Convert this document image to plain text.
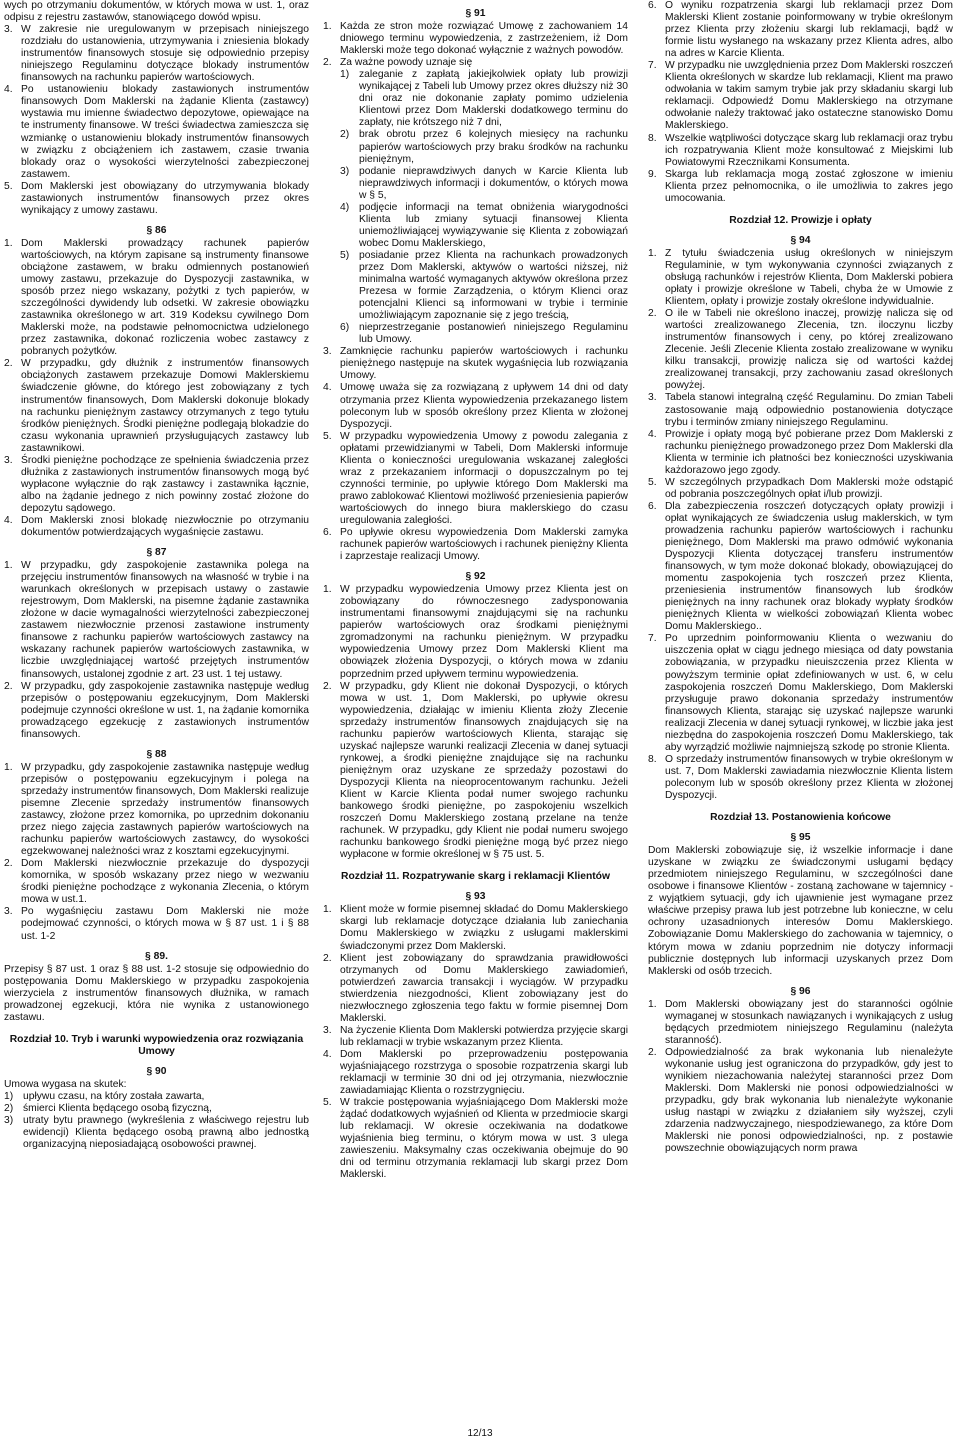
wych po otrzymaniu dokumentów, w których mowa w ust. 1, oraz odpisu z rejestru zastawów, stanowiącego dowód wpisu.
3. W zakresie nie uregulowanym w przepisach niniejszego rozdziału do ustanowienia, utrzymywania i zniesienia blokady instrumentów finansowych stosuje się odpowiednio przepisy niniejszego Regulaminu dotyczące blokady instrumentów finansowych na rachunku papierów wartościowych.
4. Po ustanowieniu blokady zastawionych instrumentów finansowych Dom Maklerski na żądanie Klienta (zastawcy) wystawia mu imienne świadectwo depozytowe, opiewające na te instrumenty finansowe. W treści świadectwa zamieszcza się wzmiankę o ustanowieniu blokady instrumentów finansowych w związku z obciążeniem ich zastawem, czasie trwania blokady oraz o wysokości wierzytelności zabezpieczonej zastawem.
5. Dom Maklerski jest obowiązany do utrzymywania blokady zastawionych instrumentów finansowych przez okres wynikający z umowy zastawu.
§ 86
1. Dom Maklerski prowadzący rachunek papierów wartościowych, na którym zapisane są instrumenty finansowe obciążone zastawem, w braku odmiennych postanowień umowy zastawu, przekazuje do Dyspozycji zastawnika, w sposób przez niego wskazany, pożytki z tych papierów, w szczególności dywidendy lub odsetki. W zakresie obowiązku zastawnika określonego w art. 319 Kodeksu cywilnego Dom Maklerski może, na podstawie pełnomocnictwa udzielonego przez zastawnika, dokonać rozliczenia wobec zastawcy z pobranych pożytków.
2. W przypadku, gdy dłużnik z instrumentów finansowych obciążonych zastawem przekazuje Domowi Maklerskiemu świadczenie główne, do którego jest zobowiązany z tych instrumentów finansowych, Dom Maklerski dokonuje blokady na rachunku pieniężnym zastawcy otrzymanych z tego tytułu środków pieniężnych. Środki pieniężne podlegają blokadzie do czasu wykonania uprawnień przysługujących zastawcy lub zastawnikowi.
3. Środki pieniężne pochodzące ze spełnienia świadczenia przez dłużnika z zastawionych instrumentów finansowych mogą być wypłacone wyłącznie do rąk zastawcy i zastawnika łącznie, albo na żądanie jednego z nich powinny zostać złożone do depozytu sądowego.
4. Dom Maklerski znosi blokadę niezwłocznie po otrzymaniu dokumentów potwierdzających wygaśnięcie zastawu.
§ 87
1. W przypadku, gdy zaspokojenie zastawnika polega na przejęciu instrumentów finansowych na własność w trybie i na warunkach określonych w przepisach ustawy o zastawie rejestrowym, Dom Maklerski, na pisemne żądanie zastawnika złożone w dacie wymagalności wierzytelności zabezpieczonej zastawem niezwłocznie przenosi zastawione instrumenty finansowe z rachunku papierów wartościowych zastawcy na wskazany rachunek papierów wartościowych zastawnika, w liczbie uwzględniającej wartość przejętych instrumentów finansowych, ustalonej zgodnie z art. 23 ust. 1 tej ustawy.
2. W przypadku, gdy zaspokojenie zastawnika następuje według przepisów o postępowaniu egzekucyjnym, Dom Maklerski podejmuje czynności określone w ust. 1, na żądanie komornika prowadzącego egzekucję z zastawionych instrumentów finansowych.
§ 88
1. W przypadku, gdy zaspokojenie zastawnika następuje według przepisów o postępowaniu egzekucyjnym i polega na sprzedaży instrumentów finansowych, Dom Maklerski realizuje pisemne Zlecenie sprzedaży instrumentów finansowych zastawcy, złożone przez komornika, po uprzednim dokonaniu przez niego zajęcia zastawnych papierów wartościowych na rachunku papierów wartościowych zastawcy, do wysokości egzekwowanej należności wraz z kosztami egzekucyjnymi.
2. Dom Maklerski niezwłocznie przekazuje do dyspozycji komornika, w sposób wskazany przez niego w wezwaniu środki pieniężne pochodzące z wykonania Zlecenia, o którym mowa w ust.1.
3. Po wygaśnięciu zastawu Dom Maklerski nie może podejmować czynności, o których mowa w § 87 ust. 1 i § 88 ust. 1-2
§ 89.
Przepisy § 87 ust. 1 oraz § 88 ust. 1-2 stosuje się odpowiednio do postępowania Domu Maklerskiego w przypadku zaspokojenia wierzyciela z instrumentów finansowych dłużnika, w ramach prowadzonej egzekucji, która nie wynika z ustanowionego zastawu.
Rozdział 10. Tryb i warunki wypowiedzenia oraz rozwiązania Umowy
§ 90
Umowa wygasa na skutek:
1) upływu czasu, na który została zawarta,
2) śmierci Klienta będącego osobą fizyczną,
3) utraty bytu prawnego (wykreślenia z właściwego rejestru lub ewidencji) Klienta będącego osobą prawną albo jednostką organizacyjną nieposiadającą osobowości prawnej.
§ 91
1. Każda ze stron może rozwiązać Umowę z zachowaniem 14 dniowego terminu wypowiedzenia, z zastrzeżeniem, iż Dom Maklerski może tego dokonać wyłącznie z ważnych powodów.
2. Za ważne powody uznaje się
1) zaleganie z zapłatą jakiejkolwiek opłaty lub prowizji wynikającej z Tabeli lub Umowy przez okres dłuższy niż 30 dni oraz nie dokonanie zapłaty pomimo udzielenia Klientowi przez Dom Maklerski dodatkowego terminu do zapłaty, nie krótszego niż 7 dni,
2) brak obrotu przez 6 kolejnych miesięcy na rachunku papierów wartościowych przy braku środków na rachunku pieniężnym,
3) podanie nieprawdziwych danych w Karcie Klienta lub nieprawdziwych informacji i dokumentów, o których mowa w § 5,
4) podjęcie informacji na temat obniżenia wiarygodności Klienta lub zmiany sytuacji finansowej Klienta uniemożliwiającej wywiązywanie się Klienta z zobowiązań wobec Domu Maklerskiego,
5) posiadanie przez Klienta na rachunkach prowadzonych przez Dom Maklerski, aktywów o wartości niższej, niż minimalna wartość wymaganych aktywów określona przez Prezesa w formie Zarządzenia, o którym Klienci oraz potencjalni Klienci są informowani w trybie i terminie umożliwiającym zapoznanie się z jego treścią,
6) nieprzestrzeganie postanowień niniejszego Regulaminu lub Umowy.
3. Zamknięcie rachunku papierów wartościowych i rachunku pieniężnego następuje na skutek wygaśnięcia lub rozwiązania Umowy.
4. Umowę uważa się za rozwiązaną z upływem 14 dni od daty otrzymania przez Klienta wypowiedzenia przekazanego listem poleconym lub w sposób określony przez Klienta w złożonej Dyspozycji.
5. W przypadku wypowiedzenia Umowy z powodu zalegania z opłatami przewidzianymi w Tabeli, Dom Maklerski informuje Klienta o konieczności uregulowania wskazanej zaległości wraz z przekazaniem informacji o dopuszczalnym po tej czynności terminie, po upływie którego Dom Maklerski ma prawo zablokować Klientowi możliwość przeniesienia papierów wartościowych do innego biura maklerskiego do czasu uregulowania zaległości.
6. Po upływie okresu wypowiedzenia Dom Maklerski zamyka rachunek papierów wartościowych i rachunek pieniężny Klienta i zaprzestaje realizacji Umowy.
§ 92
1. W przypadku wypowiedzenia Umowy przez Klienta jest on zobowiązany do równoczesnego zadysponowania instrumentami finansowymi znajdującymi się na rachunku papierów wartościowych oraz środkami pieniężnymi zgromadzonymi na rachunku pieniężnym. W przypadku wypowiedzenia Umowy przez Dom Maklerski Klient ma obowiązek złożenia Dyspozycji, o których mowa w zdaniu poprzednim przed upływem terminu wypowiedzenia.
2. W przypadku, gdy Klient nie dokonał Dyspozycji, o których mowa w ust. 1, Dom Maklerski, po upływie okresu wypowiedzenia, działając w imieniu Klienta złoży Zlecenie sprzedaży instrumentów finansowych znajdujących się na rachunku papierów wartościowych Klienta, starając się uzyskać najlepsze warunki realizacji Zlecenia w danej sytuacji rynkowej, a środki pieniężne znajdujące się na rachunku pieniężnym oraz uzyskane ze sprzedaży pozostawi do Dyspozycji Klienta na nieoprocentowanym rachunku. Jeżeli Klient w Karcie Klienta podał numer swojego rachunku bankowego środki pieniężne, po zaspokojeniu wszelkich roszczeń Domu Maklerskiego zostaną przelane na tenże rachunek. W przypadku, gdy Klient nie podał numeru swojego rachunku bankowego środki pieniężne mogą być przez niego wypłacone w formie określonej w § 75 ust. 5.
Rozdział 11. Rozpatrywanie skarg i reklamacji Klientów
§ 93
1. Klient może w formie pisemnej składać do Domu Maklerskiego skargi lub reklamacje dotyczące działania lub zaniechania Domu Maklerskiego w związku z usługami maklerskimi świadczonymi przez Dom Maklerski.
2. Klient jest zobowiązany do sprawdzania prawidłowości otrzymanych od Domu Maklerskiego zawiadomień, potwierdzeń zawarcia transakcji i wyciągów. W przypadku stwierdzenia niezgodności, Klient zobowiązany jest do niezwłocznego zgłoszenia tego faktu w formie pisemnej Dom Maklerski.
3. Na życzenie Klienta Dom Maklerski potwierdza przyjęcie skargi lub reklamacji w trybie wskazanym przez Klienta.
4. Dom Maklerski po przeprowadzeniu postępowania wyjaśniającego rozstrzyga o sposobie rozpatrzenia skargi lub reklamacji w terminie 30 dni od jej otrzymania, niezwłocznie zawiadamiając Klienta o rozstrzygnięciu.
5. W trakcie postępowania wyjaśniającego Dom Maklerski może żądać dodatkowych wyjaśnień od Klienta w przedmiocie skargi lub reklamacji. W okresie oczekiwania na dodatkowe wyjaśnienia bieg terminu, o którym mowa w ust. 3 ulega zawieszeniu. Maksymalny czas oczekiwania obejmuje do 90 dni od terminu otrzymania reklamacji lub skargi przez Dom Maklerski.
6. O wyniku rozpatrzenia skargi lub reklamacji przez Dom Maklerski Klient zostanie poinformowany w trybie określonym przez Klienta przy złożeniu skargi lub reklamacji, bądź w formie listu wysłanego na wskazany przez Klienta adres, albo na adres w Karcie Klienta.
7. W przypadku nie uwzględnienia przez Dom Maklerski roszczeń Klienta określonych w skardze lub reklamacji, Klient ma prawo odwołania w takim samym trybie jak przy składaniu skargi lub reklamacji. Odpowiedź Domu Maklerskiego na otrzymane odwołanie należy traktować jako ostateczne stanowisko Domu Maklerskiego.
8. Wszelkie wątpliwości dotyczące skarg lub reklamacji oraz trybu ich rozpatrywania Klient może konsultować z Miejskimi lub Powiatowymi Rzecznikami Konsumenta.
9. Skarga lub reklamacja mogą zostać zgłoszone w imieniu Klienta przez pełnomocnika, o ile umożliwia to zakres jego umocowania.
Rozdział 12. Prowizje i opłaty
§ 94
1. Z tytułu świadczenia usług określonych w niniejszym Regulaminie, w tym wykonywania czynności związanych z obsługą rachunków i rejestrów Klienta, Dom Maklerski pobiera opłaty i prowizje określone w Tabeli, chyba że w Umowie z Klientem, opłaty i prowizje zostały określone indywidualnie.
2. O ile w Tabeli nie określono inaczej, prowizję nalicza się od wartości zrealizowanego Zlecenia, tzn. iloczynu liczby instrumentów finansowych i ceny, po której zrealizowano Zlecenie. Jeśli Zlecenie Klienta zostało zrealizowane w wyniku kilku transakcji, prowizję nalicza się od wartości każdej zrealizowanej transakcji, przy zachowaniu zasad określonych powyżej.
3. Tabela stanowi integralną część Regulaminu. Do zmian Tabeli zastosowanie mają odpowiednio postanowienia dotyczące trybu i terminów zmiany niniejszego Regulaminu.
4. Prowizje i opłaty mogą być pobierane przez Dom Maklerski z rachunku pieniężnego prowadzonego przez Dom Maklerski dla Klienta w terminie ich płatności bez konieczności uzyskiwania każdorazowo jego zgody.
5. W szczególnych przypadkach Dom Maklerski może odstąpić od pobrania poszczególnych opłat i/lub prowizji.
6. Dla zabezpieczenia roszczeń dotyczących opłaty prowizji i opłat wynikających ze świadczenia usług maklerskich, w tym prowadzenia rachunku papierów wartościowych i rachunku pieniężnego, Dom Maklerski ma prawo odmówić wykonania Dyspozycji Klienta dotyczącej transferu instrumentów finansowych, w tym może dokonać blokady, obowiązującej do momentu zaspokojenia tych roszczeń przez Klienta, przeniesienia instrumentów finansowych lub środków pieniężnych na inny rachunek oraz blokady wypłaty środków pieniężnych Klienta w wielkości zobowiązań Klienta wobec Domu Maklerskiego..
7. Po uprzednim poinformowaniu Klienta o wezwaniu do uiszczenia opłat w ciągu jednego miesiąca od daty powstania zobowiązania, w przypadku nieuiszczenia przez Klienta w powyższym terminie opłat zdefiniowanych w ust. 6, w celu zaspokojenia roszczeń Domu Maklerskiego, Dom Maklerski przysługuje prawo dokonania sprzedaży instrumentów finansowych Klienta, starając się uzyskać najlepsze warunki realizacji Zlecenia w danej sytuacji rynkowej, w liczbie jaka jest niezbędna do zaspokojenia roszczeń Domu Maklerskiego, tak aby wyrządzić możliwie najmniejszą szkodę po stronie Klienta.
8. O sprzedaży instrumentów finansowych w trybie określonym w ust. 7, Dom Maklerski zawiadamia niezwłocznie Klienta listem poleconym lub w sposób określony przez Klienta w złożonej Dyspozycji.
Rozdział 13. Postanowienia końcowe
§ 95
Dom Maklerski zobowiązuje się, iż wszelkie informacje i dane uzyskane w związku ze świadczonymi usługami będący przedmiotem niniejszego Regulaminu, w szczególności dane osobowe i finansowe Klientów - zostaną zachowane w tajemnicy - z wyjątkiem sytuacji, gdy ich ujawnienie jest wymagane przez właściwe przepisy prawa lub jest potrzebne lub konieczne, w celu ochrony uzasadnionych interesów Domu Maklerskiego. Zobowiązanie Domu Maklerskiego do zachowania w tajemnicy, o którym mowa w zdaniu poprzednim nie dotyczy informacji publicznie dostępnych lub informacji uzyskanych przez Dom Maklerski od osób trzecich.
§ 96
1. Dom Maklerski obowiązany jest do staranności ogólnie wymaganej w stosunkach nawiązanych i wynikających z usług będących przedmiotem niniejszego Regulaminu (należyta staranność).
2. Odpowiedzialność za brak wykonania lub nienależyte wykonanie usług jest ograniczona do przypadków, gdy jest to wynikiem niezachowania należytej staranności przez Dom Maklerski. Dom Maklerski nie ponosi odpowiedzialności w przypadku, gdy brak wykonania lub nienależyte wykonanie usług nastąpi w związku z działaniem siły wyższej, czyli zdarzenia nadzwyczajnego, niespodziewanego, za które Dom Maklerski nie ponosi odpowiedzialności, np. z postawie powszechnie obowiązujących norm prawa
12/13
